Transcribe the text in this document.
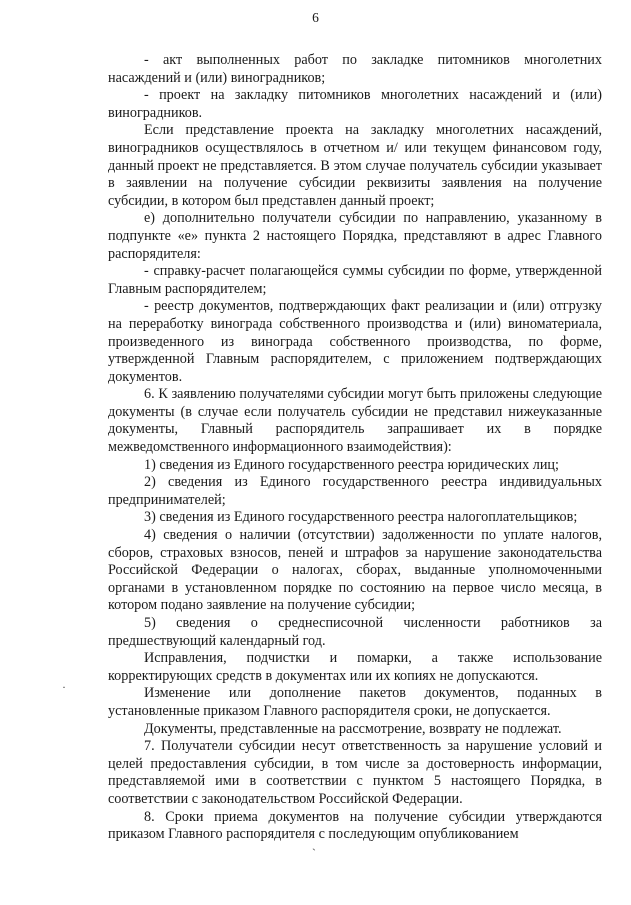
6

- акт выполненных работ по закладке питомников многолетних насаждений и (или) виноградников;

- проект на закладку питомников многолетних насаждений и (или) виноградников.

Если представление проекта на закладку многолетних насаждений, виноградников осуществлялось в отчетном и/ или текущем финансовом году, данный проект не представляется. В этом случае получатель субсидии указывает в заявлении на получение субсидии реквизиты заявления на получение субсидии, в котором был представлен данный проект;

е) дополнительно получатели субсидии по направлению, указанному в подпункте «е» пункта 2 настоящего Порядка, представляют в адрес Главного распорядителя:

- справку-расчет полагающейся суммы субсидии по форме, утвержденной Главным распорядителем;

- реестр документов, подтверждающих факт реализации и (или) отгрузку на переработку винограда собственного производства и (или) виноматериала, произведенного из винограда собственного производства, по форме, утвержденной Главным распорядителем, с приложением подтверждающих документов.

6. К заявлению получателями субсидии могут быть приложены следующие документы (в случае если получатель субсидии не представил нижеуказанные документы, Главный распорядитель запрашивает их в порядке межведомственного информационного взаимодействия):

1) сведения из Единого государственного реестра юридических лиц;

2) сведения из Единого государственного реестра индивидуальных предпринимателей;

3) сведения из Единого государственного реестра налогоплательщиков;

4) сведения о наличии (отсутствии) задолженности по уплате налогов, сборов, страховых взносов, пеней и штрафов за нарушение законодательства Российской Федерации о налогах, сборах, выданные уполномоченными органами в установленном порядке по состоянию на первое число месяца, в котором подано заявление на получение субсидии;

5) сведения о среднесписочной численности работников за предшествующий календарный год.

Исправления, подчистки и помарки, а также использование корректирующих средств в документах или их копиях не допускаются.

Изменение или дополнение пакетов документов, поданных в установленные приказом Главного распорядителя сроки, не допускается.

Документы, представленные на рассмотрение, возврату не подлежат.

7. Получатели субсидии несут ответственность за нарушение условий и целей предоставления субсидии, в том числе за достоверность информации, представляемой ими в соответствии с пунктом 5 настоящего Порядка, в соответствии с законодательством Российской Федерации.

8. Сроки приема документов на получение субсидии утверждаются приказом Главного распорядителя с последующим опубликованием

·
ˋ
